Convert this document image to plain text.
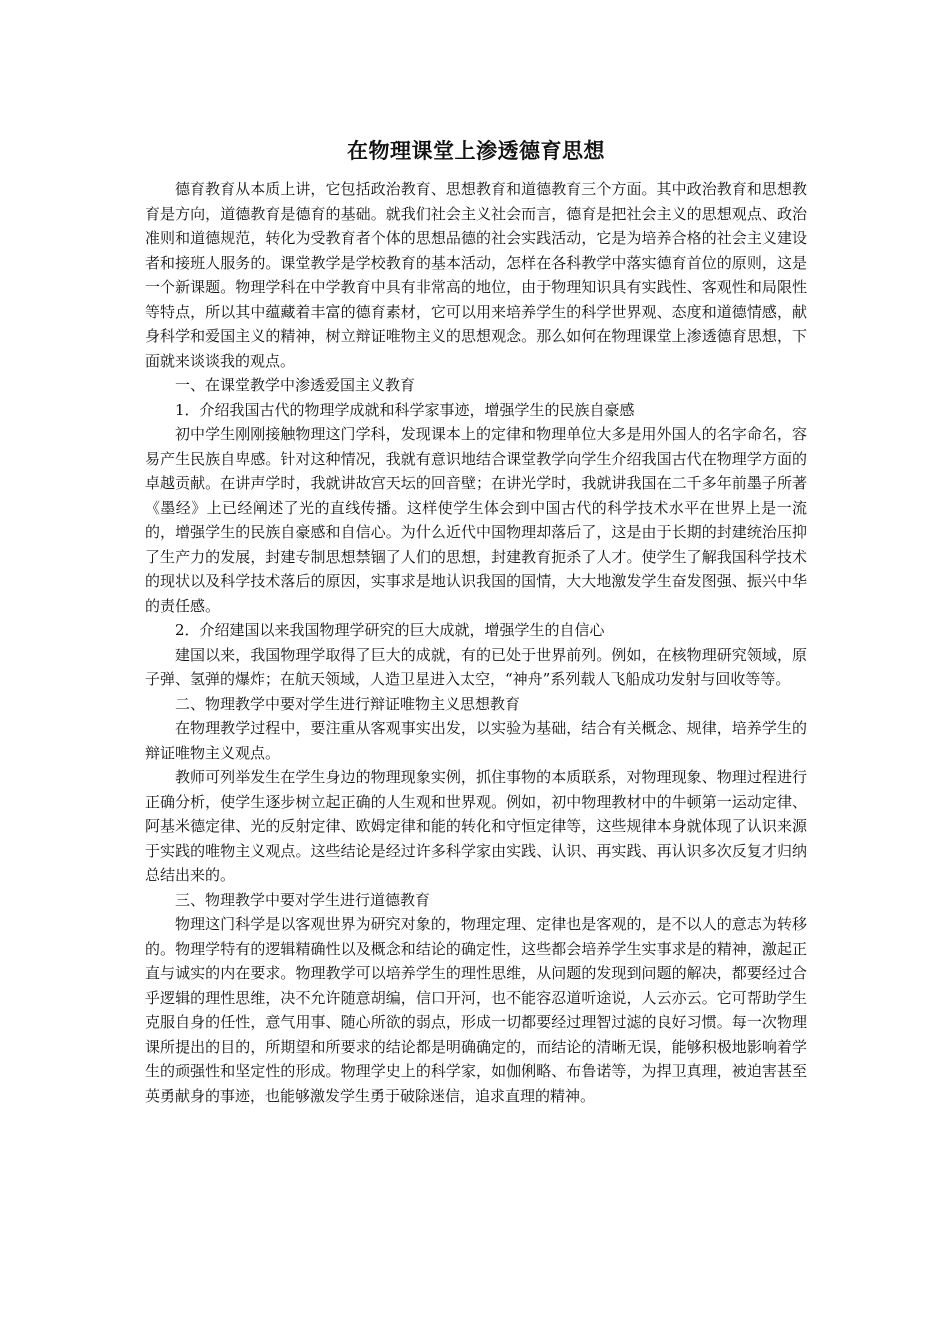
在物理课堂上渗透德育思想

德育教育从本质上讲，它包括政治教育、思想教育和道德教育三个方面。其中政治教育和思想教育是方向，道德教育是德育的基础。就我们社会主义社会而言，德育是把社会主义的思想观点、政治准则和道德规范，转化为受教育者个体的思想品德的社会实践活动，它是为培养合格的社会主义建设者和接班人服务的。课堂教学是学校教育的基本活动，怎样在各科教学中落实德育首位的原则，这是一个新课题。物理学科在中学教育中具有非常高的地位，由于物理知识具有实践性、客观性和局限性等特点，所以其中蕴藏着丰富的德育素材，它可以用来培养学生的科学世界观、态度和道德情感，献身科学和爱国主义的精神，树立辩证唯物主义的思想观念。那么如何在物理课堂上渗透德育思想，下面就来谈谈我的观点。

一、在课堂教学中渗透爱国主义教育

1．介绍我国古代的物理学成就和科学家事迹，增强学生的民族自豪感

初中学生刚刚接触物理这门学科，发现课本上的定律和物理单位大多是用外国人的名字命名，容易产生民族自卑感。针对这种情况，我就有意识地结合课堂教学向学生介绍我国古代在物理学方面的卓越贡献。在讲声学时，我就讲故宫天坛的回音壁；在讲光学时，我就讲我国在二千多年前墨子所著《墨经》上已经阐述了光的直线传播。这样使学生体会到中国古代的科学技术水平在世界上是一流的，增强学生的民族自豪感和自信心。为什么近代中国物理却落后了，这是由于长期的封建统治压抑了生产力的发展，封建专制思想禁锢了人们的思想，封建教育扼杀了人才。使学生了解我国科学技术的现状以及科学技术落后的原因，实事求是地认识我国的国情，大大地激发学生奋发图强、振兴中华的责任感。

2．介绍建国以来我国物理学研究的巨大成就，增强学生的自信心

建国以来，我国物理学取得了巨大的成就，有的已处于世界前列。例如，在核物理研究领域，原子弹、氢弹的爆炸；在航天领域，人造卫星进入太空，“神舟”系列载人飞船成功发射与回收等等。

二、物理教学中要对学生进行辩证唯物主义思想教育

在物理教学过程中，要注重从客观事实出发，以实验为基础，结合有关概念、规律，培养学生的辩证唯物主义观点。

教师可列举发生在学生身边的物理现象实例，抓住事物的本质联系，对物理现象、物理过程进行正确分析，使学生逐步树立起正确的人生观和世界观。例如，初中物理教材中的牛顿第一运动定律、阿基米德定律、光的反射定律、欧姆定律和能的转化和守恒定律等，这些规律本身就体现了认识来源于实践的唯物主义观点。这些结论是经过许多科学家由实践、认识、再实践、再认识多次反复才归纳总结出来的。

三、物理教学中要对学生进行道德教育

物理这门科学是以客观世界为研究对象的，物理定理、定律也是客观的，是不以人的意志为转移的。物理学特有的逻辑精确性以及概念和结论的确定性，这些都会培养学生实事求是的精神，激起正直与诚实的内在要求。物理教学可以培养学生的理性思维，从问题的发现到问题的解决，都要经过合乎逻辑的理性思维，决不允许随意胡编，信口开河，也不能容忍道听途说，人云亦云。它可帮助学生克服自身的任性，意气用事、随心所欲的弱点，形成一切都要经过理智过滤的良好习惯。每一次物理课所提出的目的，所期望和所要求的结论都是明确确定的，而结论的清晰无误，能够积极地影响着学生的顽强性和坚定性的形成。物理学史上的科学家，如伽俐略、布鲁诺等，为捍卫真理，被迫害甚至英勇献身的事迹，也能够激发学生勇于破除迷信，追求直理的精神。
